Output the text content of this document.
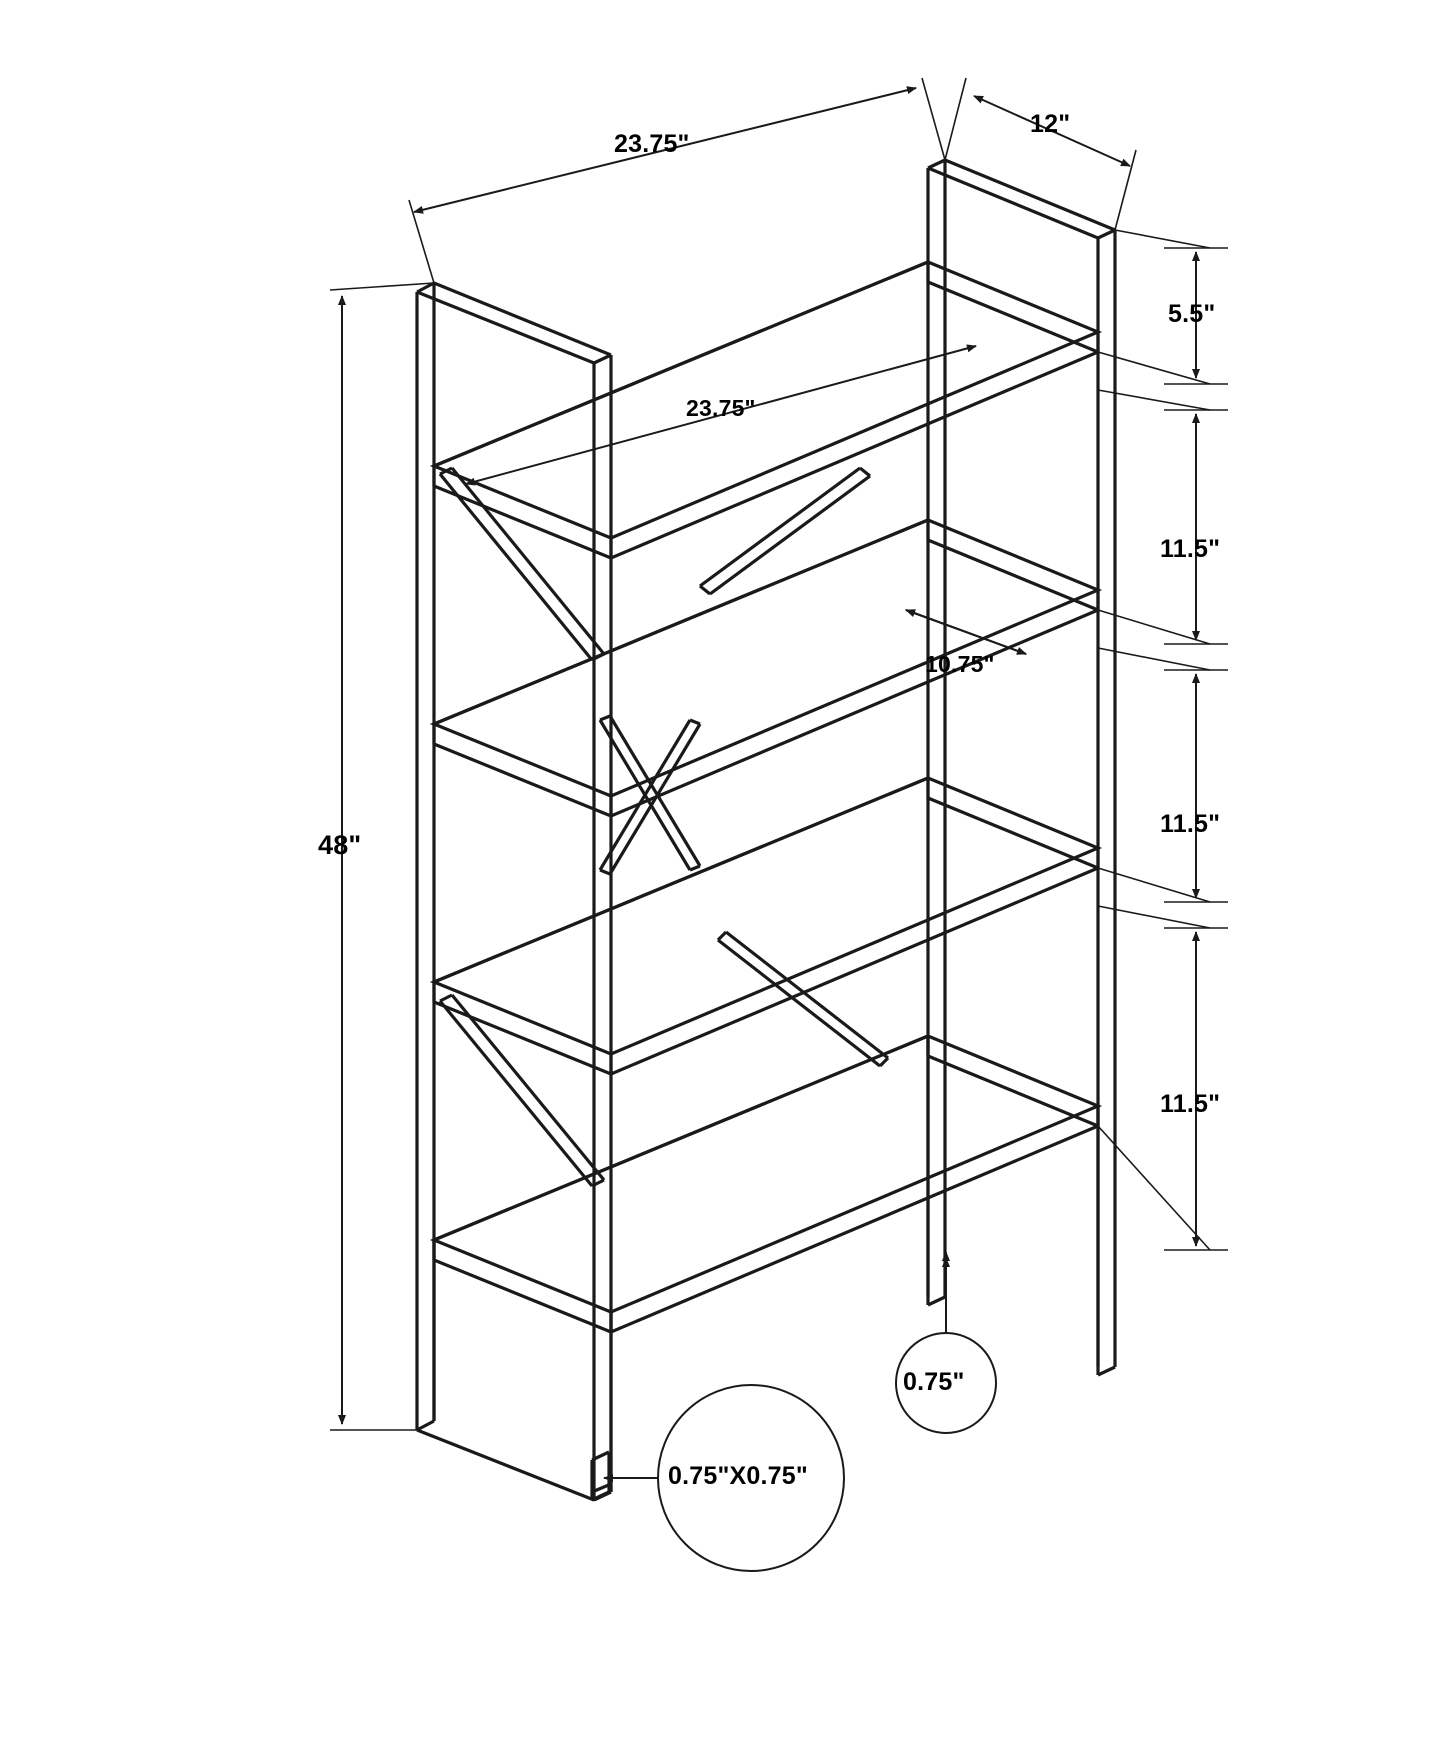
23.75"
12"
23.75"
10.75"
48"
5.5"
11.5"
11.5"
11.5"
0.75"
0.75"X0.75"
